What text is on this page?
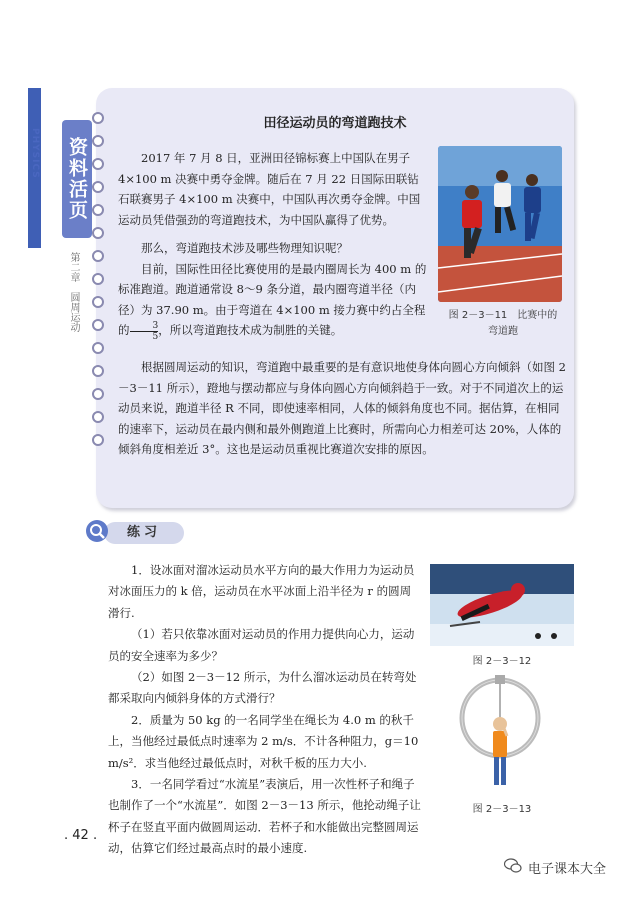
PHYSICS 资料活页
第二章　圆周运动
田径运动员的弯道跑技术

2017 年 7 月 8 日，亚洲田径锦标赛上中国队在男子 4×100 m 决赛中勇夺金牌。随后在 7 月 22 日国际田联钻石联赛男子 4×100 m 决赛中，中国队再次勇夺金牌。中国运动员凭借强劲的弯道跑技术，为中国队赢得了优势。

那么，弯道跑技术涉及哪些物理知识呢？

目前，国际性田径比赛使用的是最内圈周长为 400 m 的标准跑道。跑道通常设 8～9 条分道，最内圈弯道半径（内径）为 37.90 m。由于弯道在 4×100 m 接力赛中约占全程的 $\frac{3}{5}$ ，所以弯道跑技术成为制胜的关键。

根据圆周运动的知识，弯道跑中最重要的是有意识地使身体向圆心方向倾斜（如图 2－3－11 所示），蹬地与摆动都应与身体向圆心方向倾斜趋于一致。对于不同道次上的运动员来说，跑道半径 R 不同，即使速率相同，人体的倾斜角度也不同。据估算，在相同的速率下，运动员在最内侧和最外侧跑道上比赛时，所需向心力相差可达 20%，人体的倾斜角度相差近 3°。这也是运动员重视比赛道次安排的原因。

图 2－3－11　比赛中的
弯道跑
练习

1．设冰面对溜冰运动员水平方向的最大作用力为运动员对冰面压力的 k 倍，运动员在水平冰面上沿半径为 r 的圆周滑行.

（1）若只依靠冰面对运动员的作用力提供向心力，运动员的安全速率为多少？

（2）如图 2－3－12 所示，为什么溜冰运动员在转弯处都采取向内倾斜身体的方式滑行？

2．质量为 50 kg 的一名同学坐在绳长为 4.0 m 的秋千上，当他经过最低点时速率为 2 m/s．不计各种阻力，g＝10 m/s²．求当他经过最低点时，对秋千板的压力大小.

3．一名同学看过“水流星”表演后，用一次性杯子和绳子也制作了一个“水流星”．如图 2－3－13 所示，他抡动绳子让杯子在竖直平面内做圆周运动．若杯子和水能做出完整圆周运动，估算它们经过最高点时的最小速度.

图 2－3－12
图 2－3－13
. 42 .
电子课本大全
